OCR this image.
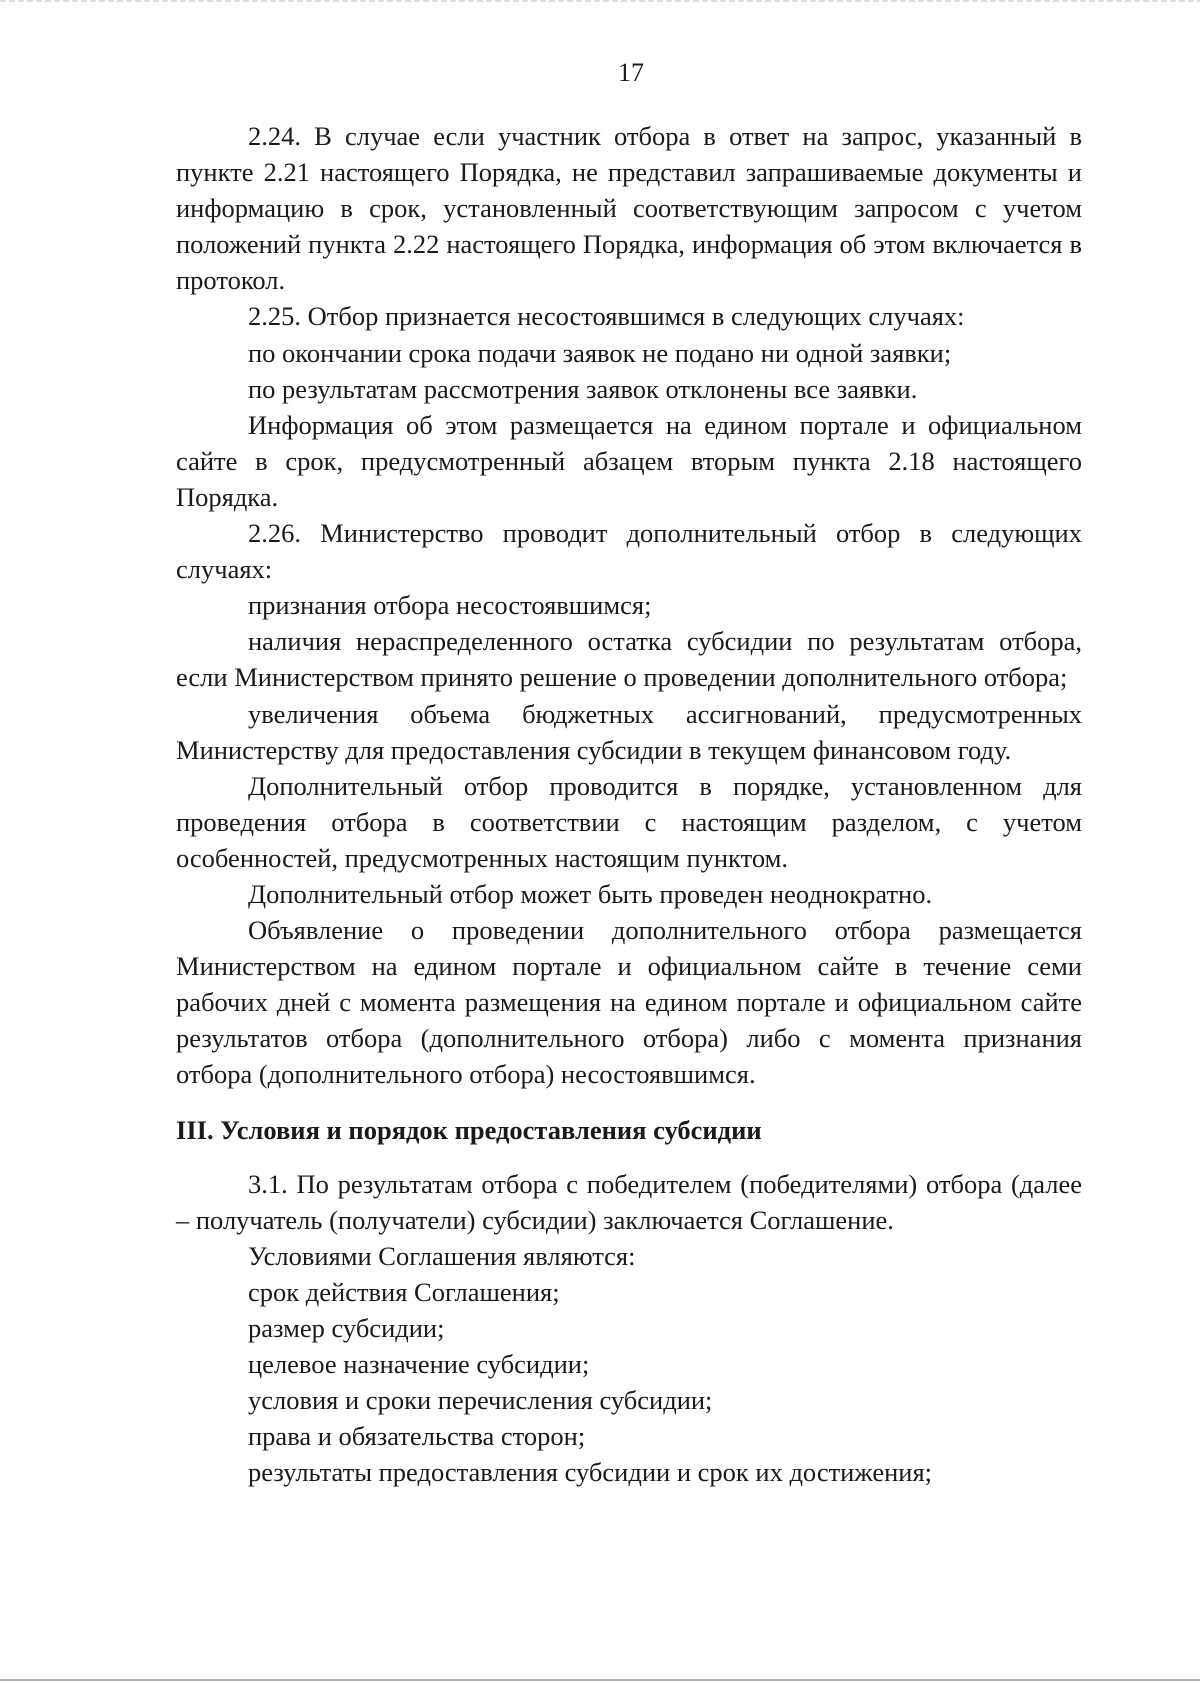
17

2.24. В случае если участник отбора в ответ на запрос, указанный в пункте 2.21 настоящего Порядка, не представил запрашиваемые документы и информацию в срок, установленный соответствующим запросом с учетом положений пункта 2.22 настоящего Порядка, информация об этом включается в протокол.

2.25. Отбор признается несостоявшимся в следующих случаях:

по окончании срока подачи заявок не подано ни одной заявки;

по результатам рассмотрения заявок отклонены все заявки.

Информация об этом размещается на едином портале и официальном сайте в срок, предусмотренный абзацем вторым пункта 2.18 настоящего Порядка.

2.26. Министерство проводит дополнительный отбор в следующих случаях:

признания отбора несостоявшимся;

наличия нераспределенного остатка субсидии по результатам отбора, если Министерством принято решение о проведении дополнительного отбора;

увеличения объема бюджетных ассигнований, предусмотренных Министерству для предоставления субсидии в текущем финансовом году.

Дополнительный отбор проводится в порядке, установленном для проведения отбора в соответствии с настоящим разделом, с учетом особенностей, предусмотренных настоящим пунктом.

Дополнительный отбор может быть проведен неоднократно.

Объявление о проведении дополнительного отбора размещается Министерством на едином портале и официальном сайте в течение семи рабочих дней с момента размещения на едином портале и официальном сайте результатов отбора (дополнительного отбора) либо с момента признания отбора (дополнительного отбора) несостоявшимся.

III. Условия и порядок предоставления субсидии

3.1. По результатам отбора с победителем (победителями) отбора (далее – получатель (получатели) субсидии) заключается Соглашение.

Условиями Соглашения являются:

срок действия Соглашения;

размер субсидии;

целевое назначение субсидии;

условия и сроки перечисления субсидии;

права и обязательства сторон;

результаты предоставления субсидии и срок их достижения;
